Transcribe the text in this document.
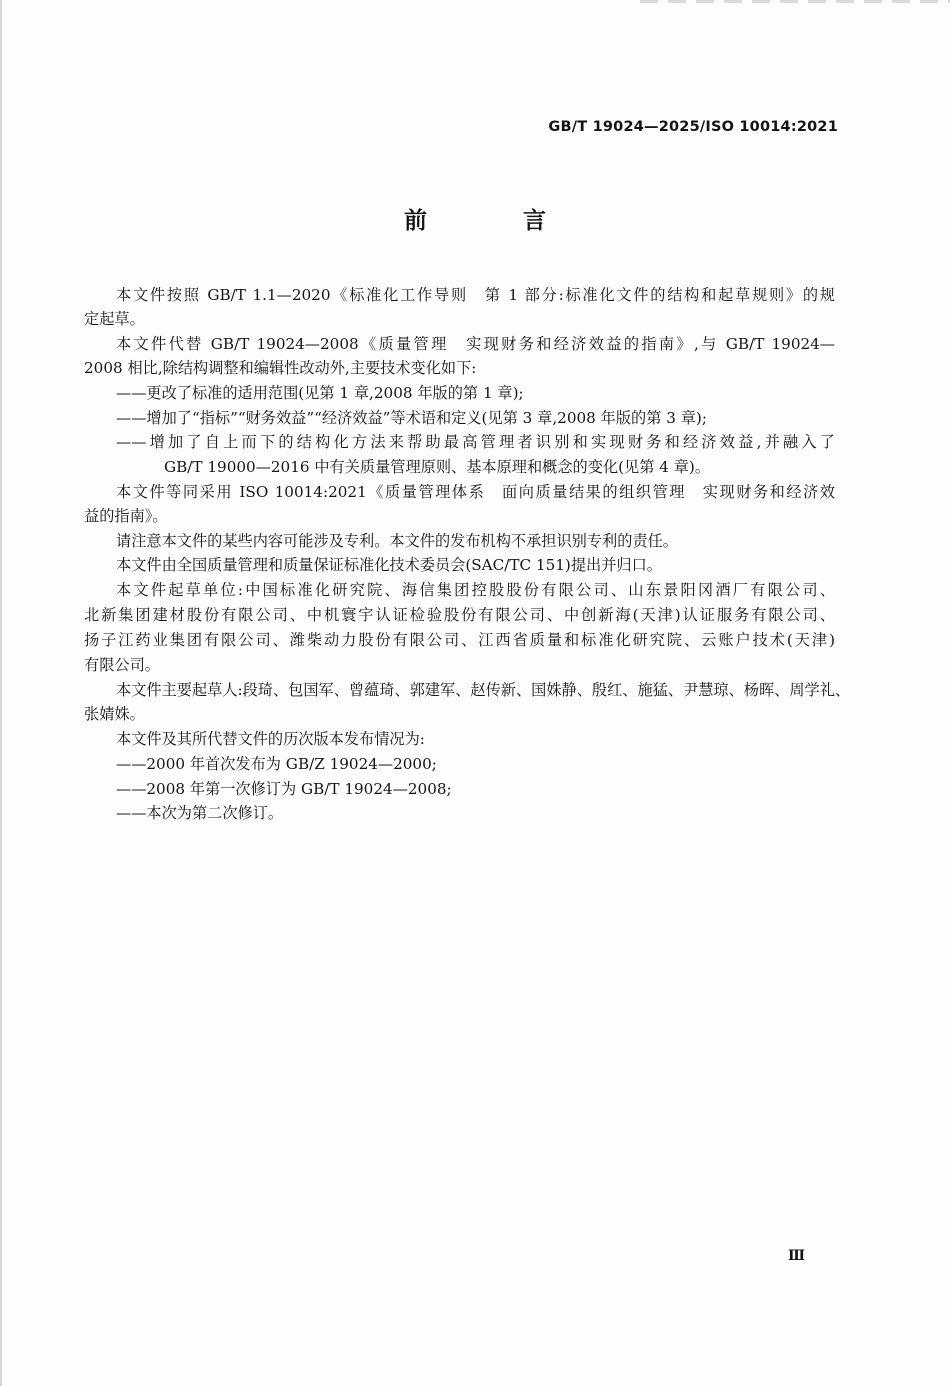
GB/T 19024—2025/ISO 10014:2021
前 言
本文件按照 GB/T 1.1—2020《标准化工作导则　第 1 部分:标准化文件的结构和起草规则》的规
定起草。
本文件代替 GB/T 19024—2008《质量管理　实现财务和经济效益的指南》,与 GB/T 19024—
2008 相比,除结构调整和编辑性改动外,主要技术变化如下:
——更改了标准的适用范围(见第 1 章,2008 年版的第 1 章);
——增加了“指标”“财务效益”“经济效益”等术语和定义(见第 3 章,2008 年版的第 3 章);
——增加了自上而下的结构化方法来帮助最高管理者识别和实现财务和经济效益,并融入了
GB/T 19000—2016 中有关质量管理原则、基本原理和概念的变化(见第 4 章)。
本文件等同采用 ISO 10014:2021《质量管理体系　面向质量结果的组织管理　实现财务和经济效
益的指南》。
请注意本文件的某些内容可能涉及专利。本文件的发布机构不承担识别专利的责任。
本文件由全国质量管理和质量保证标准化技术委员会(SAC/TC 151)提出并归口。
本文件起草单位:中国标准化研究院、海信集团控股股份有限公司、山东景阳冈酒厂有限公司、
北新集团建材股份有限公司、中机寰宇认证检验股份有限公司、中创新海(天津)认证服务有限公司、
扬子江药业集团有限公司、潍柴动力股份有限公司、江西省质量和标准化研究院、云账户技术(天津)
有限公司。
本文件主要起草人:段琦、包国军、曾蕴琦、郭建军、赵传新、国姝静、殷红、施猛、尹慧琼、杨晖、周学礼、
张婧姝。
本文件及其所代替文件的历次版本发布情况为:
——2000 年首次发布为 GB/Z 19024—2000;
——2008 年第一次修订为 GB/T 19024—2008;
——本次为第二次修订。
Ⅲ
